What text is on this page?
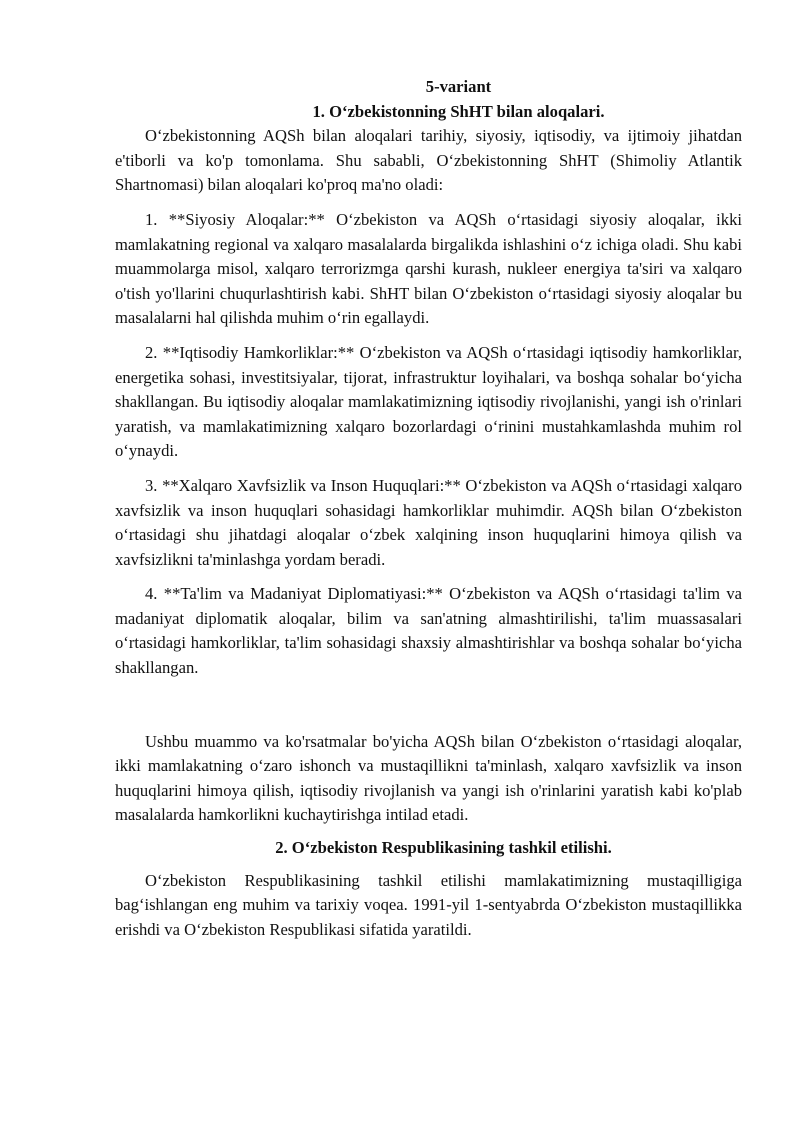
5-variant
1. O‘zbekistonning ShHT bilan aloqalari.

O‘zbekistonning AQSh bilan aloqalari tarihiy, siyosiy, iqtisodiy, va ijtimoiy jihatdan e'tiborli va ko'p tomonlama. Shu sababli, O‘zbekistonning ShHT (Shimoliy Atlantik Shartnomasi) bilan aloqalari ko'proq ma'no oladi:

1. **Siyosiy Aloqalar:** O‘zbekiston va AQSh o‘rtasidagi siyosiy aloqalar, ikki mamlakatning regional va xalqaro masalalarda birgalikda ishlashini o‘z ichiga oladi. Shu kabi muammolarga misol, xalqaro terrorizmga qarshi kurash, nukleer energiya ta'siri va xalqaro o'tish yo'llarini chuqurlashtirish kabi. ShHT bilan O‘zbekiston o‘rtasidagi siyosiy aloqalar bu masalalarni hal qilishda muhim o‘rin egallaydi.

2. **Iqtisodiy Hamkorliklar:** O‘zbekiston va AQSh o‘rtasidagi iqtisodiy hamkorliklar, energetika sohasi, investitsiyalar, tijorat, infrastruktur loyihalari, va boshqa sohalar bo‘yicha shakllangan. Bu iqtisodiy aloqalar mamlakatimizning iqtisodiy rivojlanishi, yangi ish o'rinlari yaratish, va mamlakatimizning xalqaro bozorlardagi o‘rinini mustahkamlashda muhim rol o‘ynaydi.

3. **Xalqaro Xavfsizlik va Inson Huquqlari:** O‘zbekiston va AQSh o‘rtasidagi xalqaro xavfsizlik va inson huquqlari sohasidagi hamkorliklar muhimdir. AQSh bilan O‘zbekiston o‘rtasidagi shu jihatdagi aloqalar o‘zbek xalqining inson huquqlarini himoya qilish va xavfsizlikni ta'minlashga yordam beradi.

4. **Ta'lim va Madaniyat Diplomatiyasi:** O‘zbekiston va AQSh o‘rtasidagi ta'lim va madaniyat diplomatik aloqalar, bilim va san'atning almashtirilishi, ta'lim muassasalari o‘rtasidagi hamkorliklar, ta'lim sohasidagi shaxsiy almashtirishlar va boshqa sohalar bo‘yicha shakllangan.

Ushbu muammo va ko'rsatmalar bo'yicha AQSh bilan O‘zbekiston o‘rtasidagi aloqalar, ikki mamlakatning o‘zaro ishonch va mustaqillikni ta'minlash, xalqaro xavfsizlik va inson huquqlarini himoya qilish, iqtisodiy rivojlanish va yangi ish o'rinlarini yaratish kabi ko'plab masalalarda hamkorlikni kuchaytirishga intilad etadi.

2. O‘zbekiston Respublikasining tashkil etilishi.

O‘zbekiston Respublikasining tashkil etilishi mamlakatimizning mustaqilligiga bag‘ishlangan eng muhim va tarixiy voqea. 1991-yil 1-sentyabrda O‘zbekiston mustaqillikka erishdi va O‘zbekiston Respublikasi sifatida yaratildi.
